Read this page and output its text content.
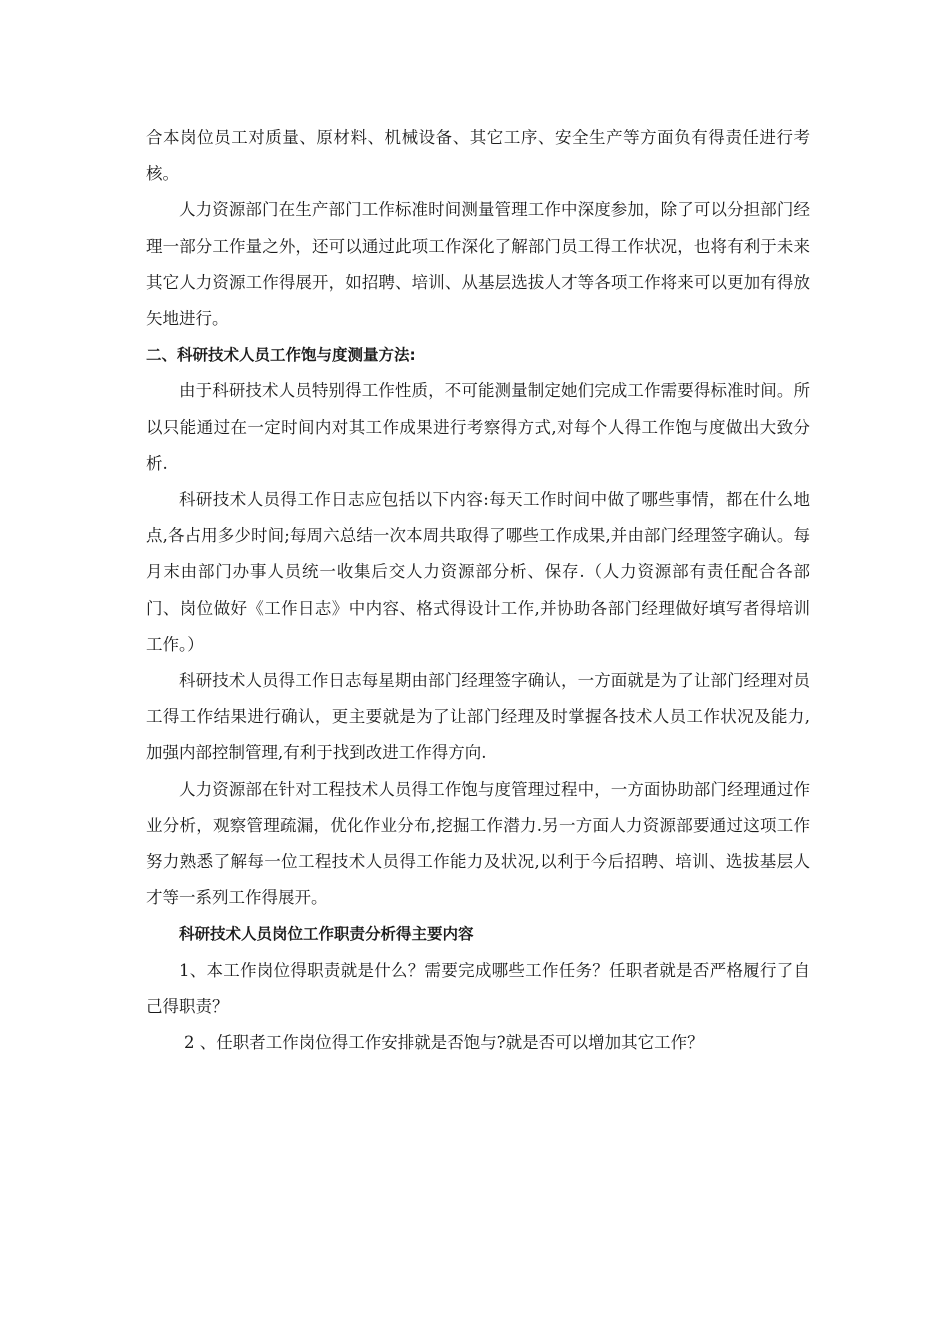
合本岗位员工对质量、原材料、机械设备、其它工序、安全生产等方面负有得责任进行考核。

人力资源部门在生产部门工作标准时间测量管理工作中深度参加，除了可以分担部门经理一部分工作量之外，还可以通过此项工作深化了解部门员工得工作状况，也将有利于未来其它人力资源工作得展开，如招聘、培训、从基层选拔人才等各项工作将来可以更加有得放矢地进行。

二、科研技术人员工作饱与度测量方法:

由于科研技术人员特别得工作性质，不可能测量制定她们完成工作需要得标准时间。所以只能通过在一定时间内对其工作成果进行考察得方式,对每个人得工作饱与度做出大致分析.

科研技术人员得工作日志应包括以下内容:每天工作时间中做了哪些事情，都在什么地点,各占用多少时间;每周六总结一次本周共取得了哪些工作成果,并由部门经理签字确认。每月末由部门办事人员统一收集后交人力资源部分析、保存.（人力资源部有责任配合各部门、岗位做好《工作日志》中内容、格式得设计工作,并协助各部门经理做好填写者得培训工作。）

科研技术人员得工作日志每星期由部门经理签字确认，一方面就是为了让部门经理对员工得工作结果进行确认，更主要就是为了让部门经理及时掌握各技术人员工作状况及能力,加强内部控制管理,有利于找到改进工作得方向.

人力资源部在针对工程技术人员得工作饱与度管理过程中，一方面协助部门经理通过作业分析，观察管理疏漏，优化作业分布,挖掘工作潜力.另一方面人力资源部要通过这项工作努力熟悉了解每一位工程技术人员得工作能力及状况,以利于今后招聘、培训、选拔基层人才等一系列工作得展开。

科研技术人员岗位工作职责分析得主要内容

1、本工作岗位得职责就是什么？需要完成哪些工作任务？任职者就是否严格履行了自己得职责？

2 、任职者工作岗位得工作安排就是否饱与?就是否可以增加其它工作？
